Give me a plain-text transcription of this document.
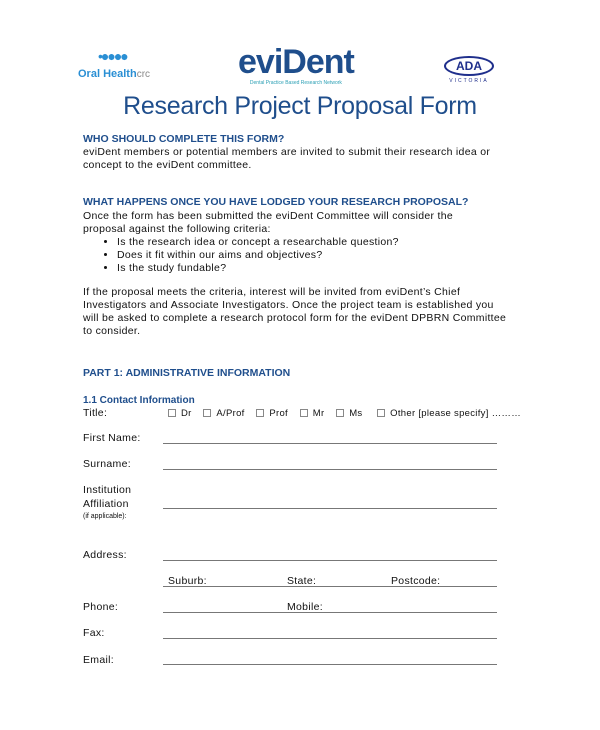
•●●●●
Oral Healthcrc	eviDent
Dental Practice Based Research Network
ADA
VICTORIA
Research Project Proposal Form
WHO SHOULD COMPLETE THIS FORM?
eviDent members or potential members are invited to submit their research idea or concept to the eviDent committee.
WHAT HAPPENS ONCE YOU HAVE LODGED YOUR RESEARCH PROPOSAL?
Once the form has been submitted the eviDent Committee will consider the proposal against the following criteria:
• Is the research idea or concept a researchable question?
• Does it fit within our aims and objectives?
• Is the study fundable?
If the proposal meets the criteria, interest will be invited from eviDent’s Chief Investigators and Associate Investigators. Once the project team is established you will be asked to complete a research protocol form for the eviDent DPBRN Committee to consider.
PART 1: ADMINISTRATIVE INFORMATION
1.1 Contact Information
Title:	Dr	A/Prof	Prof	Mr	Ms	Other [please specify] ………
First Name:
Surname:
Institution
Affiliation
(if applicable):
Address:
Suburb:	State:	Postcode:
Phone:	Mobile:
Fax:
Email:
